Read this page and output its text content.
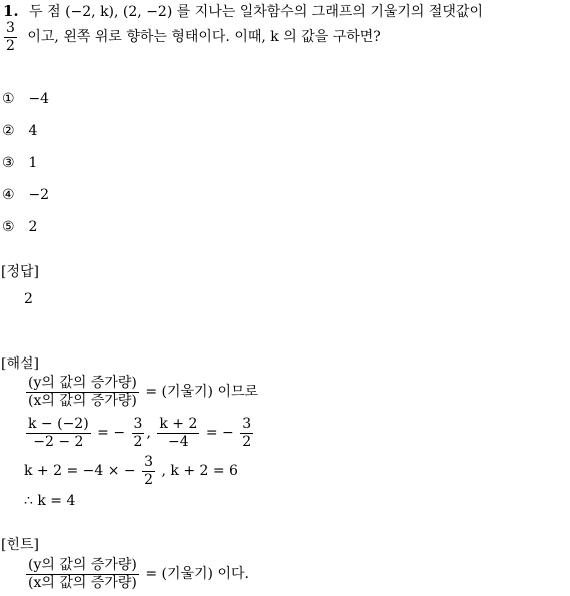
1. 두 점 (−2, k), (2, −2) 를 지나는 일차함수의 그래프의 기울기의 절댓값이
$\frac{3}{2}$ 이고, 왼쪽 위로 향하는 형태이다. 이때, k 의 값을 구하면?
① −4
② 4
③ 1
④ −2
⑤ 2
[정답]
2
[해설]
$\frac{\text{(y의 값의 증가량)}}{\text{(x의 값의 증가량)}}$ = (기울기) 이므로
$\frac{k - (-2)}{-2 - 2}$ = − $\frac{3}{2}$ , $\frac{k + 2}{-4}$ = − $\frac{3}{2}$
k + 2 = −4 × − $\frac{3}{2}$ , k + 2 = 6
∴ k = 4
[힌트]
$\frac{\text{(y의 값의 증가량)}}{\text{(x의 값의 증가량)}}$ = (기울기) 이다.
